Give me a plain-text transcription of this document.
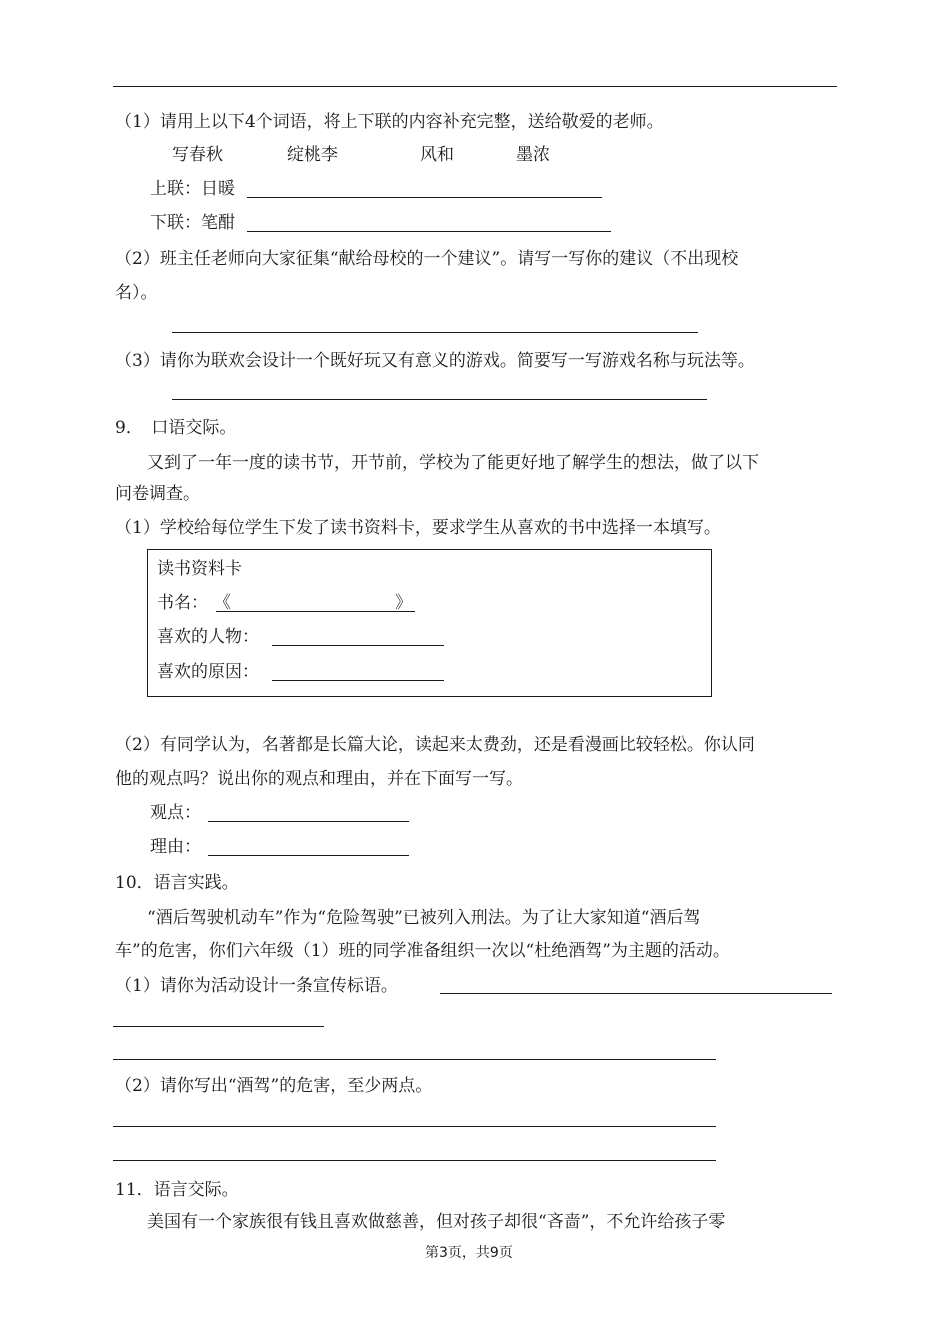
（1）请用上以下4个词语，将上下联的内容补充完整，送给敬爱的老师。
写春秋	绽桃李	风和	墨浓
上联：日暖
下联：笔酣
（2）班主任老师向大家征集“献给母校的一个建议”。请写一写你的建议（不出现校
名）。
（3）请你为联欢会设计一个既好玩又有意义的游戏。简要写一写游戏名称与玩法等。
9．　口语交际。
又到了一年一度的读书节，开节前，学校为了能更好地了解学生的想法，做了以下
问卷调查。
（1）学校给每位学生下发了读书资料卡，要求学生从喜欢的书中选择一本填写。
读书资料卡
书名： 《	》
喜欢的人物：
喜欢的原因：
（2）有同学认为，名著都是长篇大论，读起来太费劲，还是看漫画比较轻松。你认同
他的观点吗？说出你的观点和理由，并在下面写一写。
观点：
理由：
10．语言实践。
“酒后驾驶机动车”作为“危险驾驶”已被列入刑法。为了让大家知道“酒后驾
车”的危害，你们六年级（1）班的同学准备组织一次以“杜绝酒驾”为主题的活动。
（1）请你为活动设计一条宣传标语。
（2）请你写出“酒驾”的危害，至少两点。
11．语言交际。
美国有一个家族很有钱且喜欢做慈善，但对孩子却很“吝啬”，不允许给孩子零
第3页，共9页
